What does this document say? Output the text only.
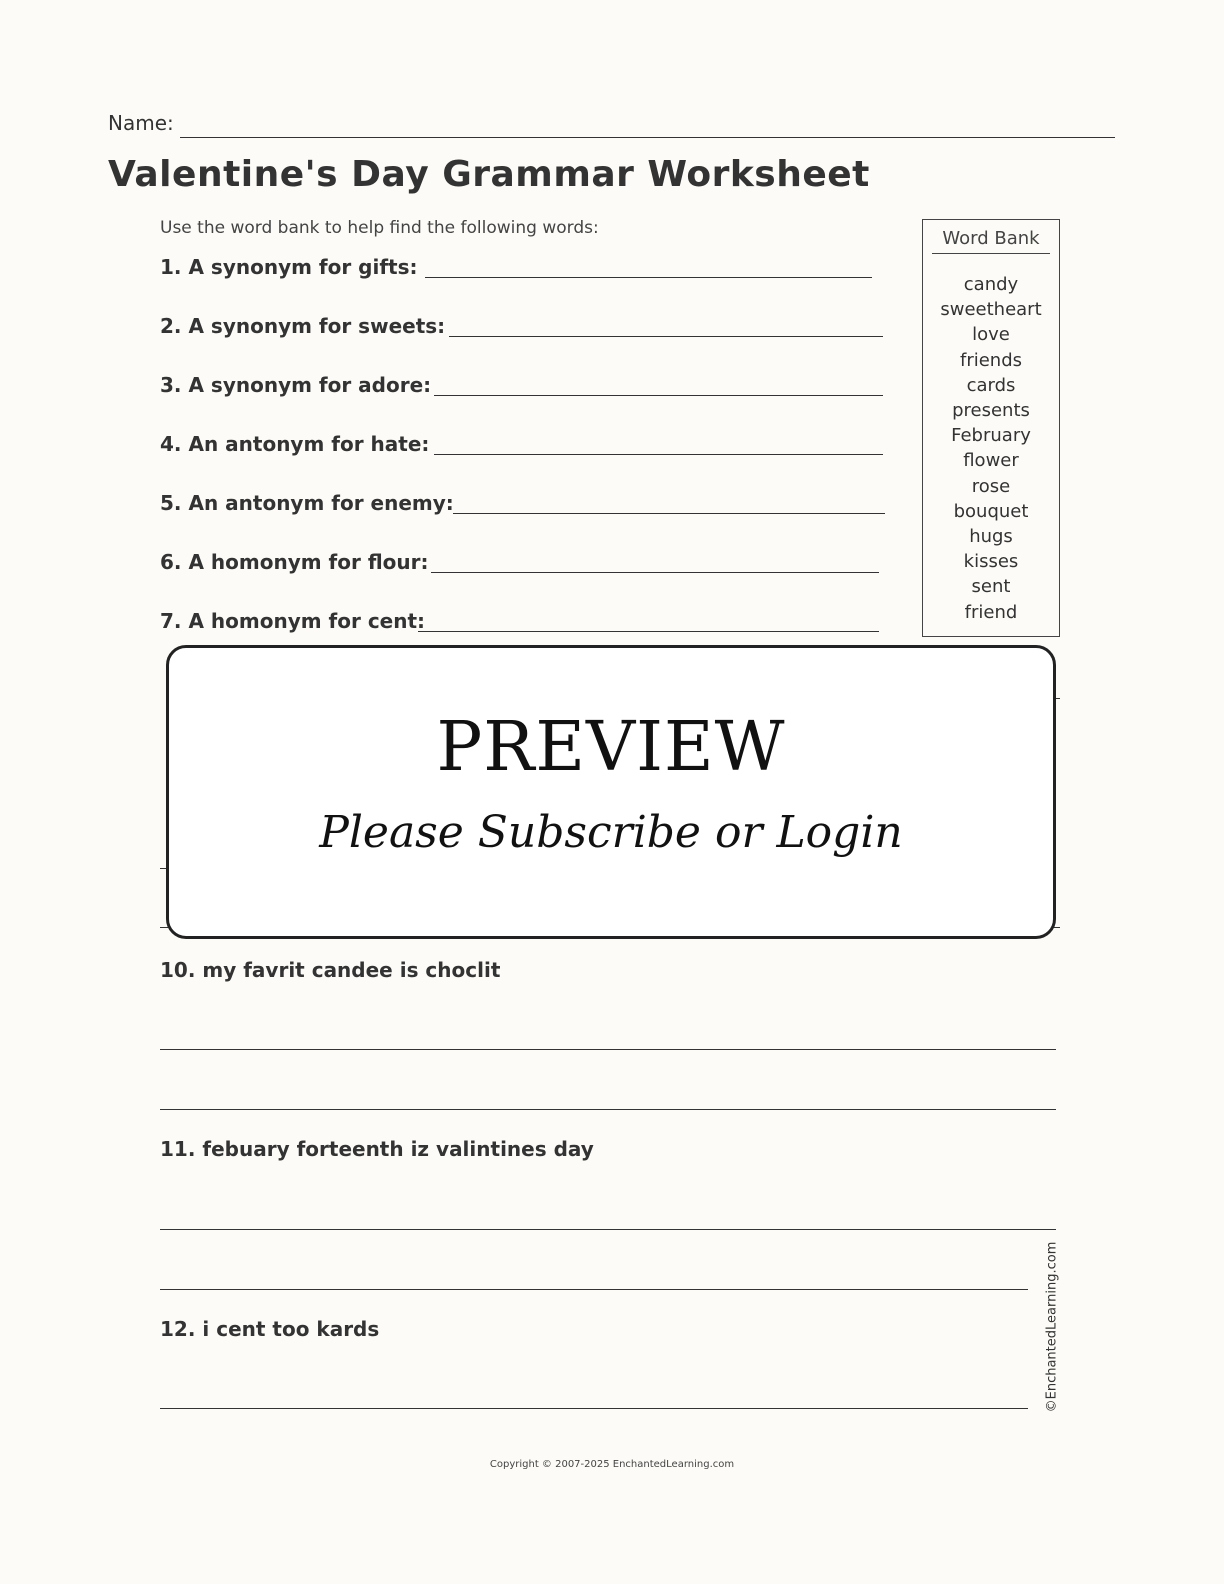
Name:
Valentine's Day Grammar Worksheet
Use the word bank to help find the following words:
1. A synonym for gifts:
2. A synonym for sweets:
3. A synonym for adore:
4. An antonym for hate:
5. An antonym for enemy:
6. A homonym for flour:
7. A homonym for cent:
Word Bank
candy
sweetheart
love
friends
cards
presents
February
flower
rose
bouquet
hugs
kisses
sent
friend
PREVIEW
Please Subscribe or Login
10. my favrit candee is choclit
11. febuary forteenth iz valintines day
12. i cent too kards	©EnchantedLearning.com
Copyright © 2007-2025 EnchantedLearning.com
